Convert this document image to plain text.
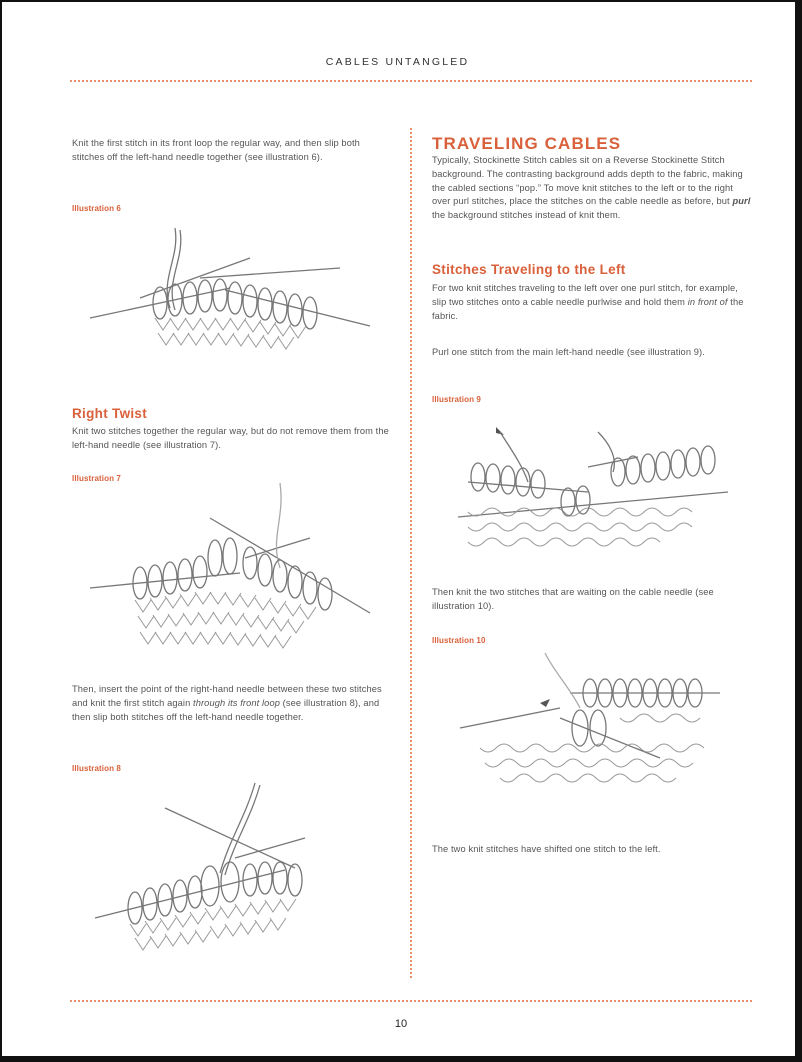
CABLES UNTANGLED

Knit the first stitch in its front loop the regular way, and then slip both stitches off the left-hand needle together (see illustration 6).

Illustration 6
Right Twist

Knit two stitches together the regular way, but do not remove them from the left-hand needle (see illustration 7).

Illustration 7

Then, insert the point of the right-hand needle between these two stitches and knit the first stitch again through its front loop (see illustration 8), and then slip both stitches off the left-hand needle together.

Illustration 8
TRAVELING CABLES

Typically, Stockinette Stitch cables sit on a Reverse Stockinette Stitch background. The contrasting background adds depth to the fabric, making the cabled sections “pop.” To move knit stitches to the left or to the right over purl stitches, place the stitches on the cable needle as before, but purl the background stitches instead of knit them.

Stitches Traveling to the Left

For two knit stitches traveling to the left over one purl stitch, for example, slip two stitches onto a cable needle purlwise and hold them in front of the fabric.

Purl one stitch from the main left-hand needle (see illustration 9).

Illustration 9

Then knit the two stitches that are waiting on the cable needle (see illustration 10).

Illustration 10

The two knit stitches have shifted one stitch to the left.

10
